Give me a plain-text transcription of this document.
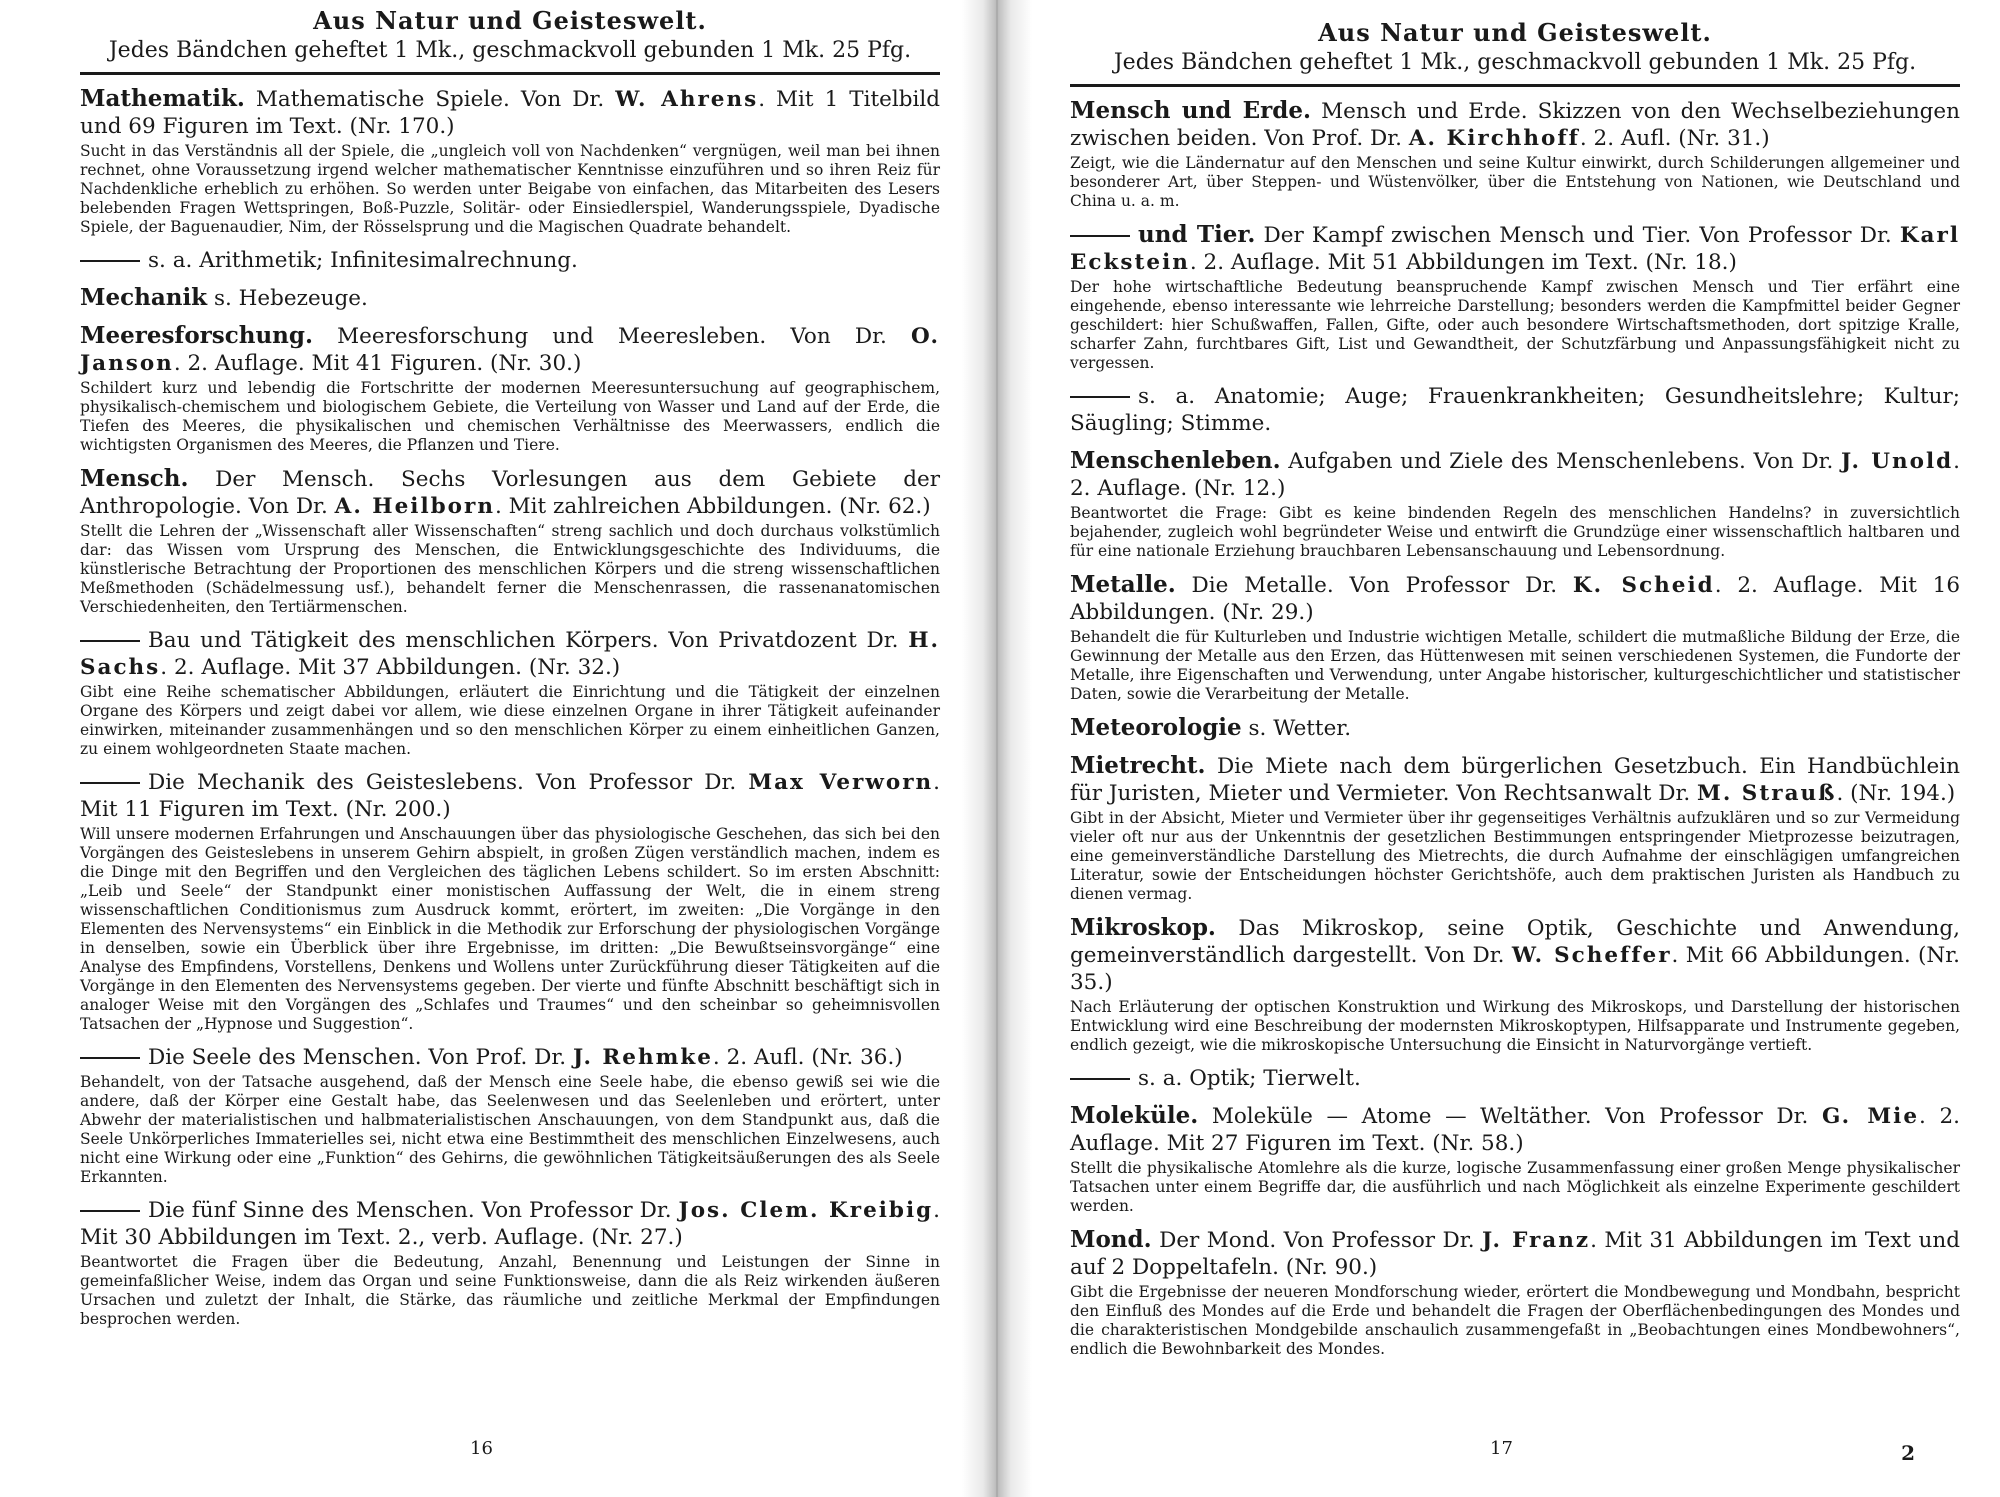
Aus Natur und Geisteswelt.

Jedes Bändchen geheftet 1 Mk., geschmackvoll gebunden 1 Mk. 25 Pfg.

Mathematik. Mathematische Spiele. Von Dr. W. Ahrens. Mit 1 Titelbild und 69 Figuren im Text. (Nr. 170.)

Sucht in das Verständnis all der Spiele, die „ungleich voll von Nachdenken“ vergnügen, weil man bei ihnen rechnet, ohne Voraussetzung irgend welcher mathematischer Kenntnisse einzuführen und so ihren Reiz für Nachdenkliche erheblich zu erhöhen. So werden unter Beigabe von einfachen, das Mitarbeiten des Lesers belebenden Fragen Wettspringen, Boß-Puzzle, Solitär- oder Einsiedlerspiel, Wanderungsspiele, Dyadische Spiele, der Baguenaudier, Nim, der Rösselsprung und die Magischen Quadrate behandelt.

s. a. Arithmetik; Infinitesimalrechnung.

Mechanik s. Hebezeuge.

Meeresforschung. Meeresforschung und Meeresleben. Von Dr. O. Janson. 2. Auflage. Mit 41 Figuren. (Nr. 30.)

Schildert kurz und lebendig die Fortschritte der modernen Meeresuntersuchung auf geographischem, physikalisch-chemischem und biologischem Gebiete, die Verteilung von Wasser und Land auf der Erde, die Tiefen des Meeres, die physikalischen und chemischen Verhältnisse des Meerwassers, endlich die wichtigsten Organismen des Meeres, die Pflanzen und Tiere.

Mensch. Der Mensch. Sechs Vorlesungen aus dem Gebiete der Anthropologie. Von Dr. A. Heilborn. Mit zahlreichen Abbildungen. (Nr. 62.)

Stellt die Lehren der „Wissenschaft aller Wissenschaften“ streng sachlich und doch durchaus volkstümlich dar: das Wissen vom Ursprung des Menschen, die Entwicklungsgeschichte des Individuums, die künstlerische Betrachtung der Proportionen des menschlichen Körpers und die streng wissenschaftlichen Meßmethoden (Schädelmessung usf.), behandelt ferner die Menschenrassen, die rassenanatomischen Verschiedenheiten, den Tertiärmenschen.

Bau und Tätigkeit des menschlichen Körpers. Von Privatdozent Dr. H. Sachs. 2. Auflage. Mit 37 Abbildungen. (Nr. 32.)

Gibt eine Reihe schematischer Abbildungen, erläutert die Einrichtung und die Tätigkeit der einzelnen Organe des Körpers und zeigt dabei vor allem, wie diese einzelnen Organe in ihrer Tätigkeit aufeinander einwirken, miteinander zusammenhängen und so den menschlichen Körper zu einem einheitlichen Ganzen, zu einem wohlgeordneten Staate machen.

Die Mechanik des Geisteslebens. Von Professor Dr. Max Verworn. Mit 11 Figuren im Text. (Nr. 200.)

Will unsere modernen Erfahrungen und Anschauungen über das physiologische Geschehen, das sich bei den Vorgängen des Geisteslebens in unserem Gehirn abspielt, in großen Zügen verständlich machen, indem es die Dinge mit den Begriffen und den Vergleichen des täglichen Lebens schildert. So im ersten Abschnitt: „Leib und Seele“ der Standpunkt einer monistischen Auffassung der Welt, die in einem streng wissenschaftlichen Conditionismus zum Ausdruck kommt, erörtert, im zweiten: „Die Vorgänge in den Elementen des Nervensystems“ ein Einblick in die Methodik zur Erforschung der physiologischen Vorgänge in denselben, sowie ein Überblick über ihre Ergebnisse, im dritten: „Die Bewußtseinsvorgänge“ eine Analyse des Empfindens, Vorstellens, Denkens und Wollens unter Zurückführung dieser Tätigkeiten auf die Vorgänge in den Elementen des Nervensystems gegeben. Der vierte und fünfte Abschnitt beschäftigt sich in analoger Weise mit den Vorgängen des „Schlafes und Traumes“ und den scheinbar so geheimnisvollen Tatsachen der „Hypnose und Suggestion“.

Die Seele des Menschen. Von Prof. Dr. J. Rehmke. 2. Aufl. (Nr. 36.)

Behandelt, von der Tatsache ausgehend, daß der Mensch eine Seele habe, die ebenso gewiß sei wie die andere, daß der Körper eine Gestalt habe, das Seelenwesen und das Seelenleben und erörtert, unter Abwehr der materialistischen und halbmaterialistischen Anschauungen, von dem Standpunkt aus, daß die Seele Unkörperliches Immaterielles sei, nicht etwa eine Bestimmtheit des menschlichen Einzelwesens, auch nicht eine Wirkung oder eine „Funktion“ des Gehirns, die gewöhnlichen Tätigkeitsäußerungen des als Seele Erkannten.

Die fünf Sinne des Menschen. Von Professor Dr. Jos. Clem. Kreibig. Mit 30 Abbildungen im Text. 2., verb. Auflage. (Nr. 27.)

Beantwortet die Fragen über die Bedeutung, Anzahl, Benennung und Leistungen der Sinne in gemeinfaßlicher Weise, indem das Organ und seine Funktionsweise, dann die als Reiz wirkenden äußeren Ursachen und zuletzt der Inhalt, die Stärke, das räumliche und zeitliche Merkmal der Empfindungen besprochen werden.

16
Aus Natur und Geisteswelt.

Jedes Bändchen geheftet 1 Mk., geschmackvoll gebunden 1 Mk. 25 Pfg.

Mensch und Erde. Mensch und Erde. Skizzen von den Wechselbeziehungen zwischen beiden. Von Prof. Dr. A. Kirchhoff. 2. Aufl. (Nr. 31.)

Zeigt, wie die Ländernatur auf den Menschen und seine Kultur einwirkt, durch Schilderungen allgemeiner und besonderer Art, über Steppen- und Wüstenvölker, über die Entstehung von Nationen, wie Deutschland und China u. a. m.

und Tier. Der Kampf zwischen Mensch und Tier. Von Professor Dr. Karl Eckstein. 2. Auflage. Mit 51 Abbildungen im Text. (Nr. 18.)

Der hohe wirtschaftliche Bedeutung beanspruchende Kampf zwischen Mensch und Tier erfährt eine eingehende, ebenso interessante wie lehrreiche Darstellung; besonders werden die Kampfmittel beider Gegner geschildert: hier Schußwaffen, Fallen, Gifte, oder auch besondere Wirtschaftsmethoden, dort spitzige Kralle, scharfer Zahn, furchtbares Gift, List und Gewandtheit, der Schutzfärbung und Anpassungsfähigkeit nicht zu vergessen.

s. a. Anatomie; Auge; Frauenkrankheiten; Gesundheitslehre; Kultur; Säugling; Stimme.

Menschenleben. Aufgaben und Ziele des Menschenlebens. Von Dr. J. Unold. 2. Auflage. (Nr. 12.)

Beantwortet die Frage: Gibt es keine bindenden Regeln des menschlichen Handelns? in zuversichtlich bejahender, zugleich wohl begründeter Weise und entwirft die Grundzüge einer wissenschaftlich haltbaren und für eine nationale Erziehung brauchbaren Lebensanschauung und Lebensordnung.

Metalle. Die Metalle. Von Professor Dr. K. Scheid. 2. Auflage. Mit 16 Abbildungen. (Nr. 29.)

Behandelt die für Kulturleben und Industrie wichtigen Metalle, schildert die mutmaßliche Bildung der Erze, die Gewinnung der Metalle aus den Erzen, das Hüttenwesen mit seinen verschiedenen Systemen, die Fundorte der Metalle, ihre Eigenschaften und Verwendung, unter Angabe historischer, kulturgeschichtlicher und statistischer Daten, sowie die Verarbeitung der Metalle.

Meteorologie s. Wetter.

Mietrecht. Die Miete nach dem bürgerlichen Gesetzbuch. Ein Handbüchlein für Juristen, Mieter und Vermieter. Von Rechtsanwalt Dr. M. Strauß. (Nr. 194.)

Gibt in der Absicht, Mieter und Vermieter über ihr gegenseitiges Verhältnis aufzuklären und so zur Vermeidung vieler oft nur aus der Unkenntnis der gesetzlichen Bestimmungen entspringender Mietprozesse beizutragen, eine gemeinverständliche Darstellung des Mietrechts, die durch Aufnahme der einschlägigen umfangreichen Literatur, sowie der Entscheidungen höchster Gerichtshöfe, auch dem praktischen Juristen als Handbuch zu dienen vermag.

Mikroskop. Das Mikroskop, seine Optik, Geschichte und Anwendung, gemeinverständlich dargestellt. Von Dr. W. Scheffer. Mit 66 Abbildungen. (Nr. 35.)

Nach Erläuterung der optischen Konstruktion und Wirkung des Mikroskops, und Darstellung der historischen Entwicklung wird eine Beschreibung der modernsten Mikroskoptypen, Hilfsapparate und Instrumente gegeben, endlich gezeigt, wie die mikroskopische Untersuchung die Einsicht in Naturvorgänge vertieft.

s. a. Optik; Tierwelt.

Moleküle. Moleküle — Atome — Weltäther. Von Professor Dr. G. Mie. 2. Auflage. Mit 27 Figuren im Text. (Nr. 58.)

Stellt die physikalische Atomlehre als die kurze, logische Zusammenfassung einer großen Menge physikalischer Tatsachen unter einem Begriffe dar, die ausführlich und nach Möglichkeit als einzelne Experimente geschildert werden.

Mond. Der Mond. Von Professor Dr. J. Franz. Mit 31 Abbildungen im Text und auf 2 Doppeltafeln. (Nr. 90.)

Gibt die Ergebnisse der neueren Mondforschung wieder, erörtert die Mondbewegung und Mondbahn, bespricht den Einfluß des Mondes auf die Erde und behandelt die Fragen der Oberflächenbedingungen des Mondes und die charakteristischen Mondgebilde anschaulich zusammengefaßt in „Beobachtungen eines Mondbewohners“, endlich die Bewohnbarkeit des Mondes.

17	2
